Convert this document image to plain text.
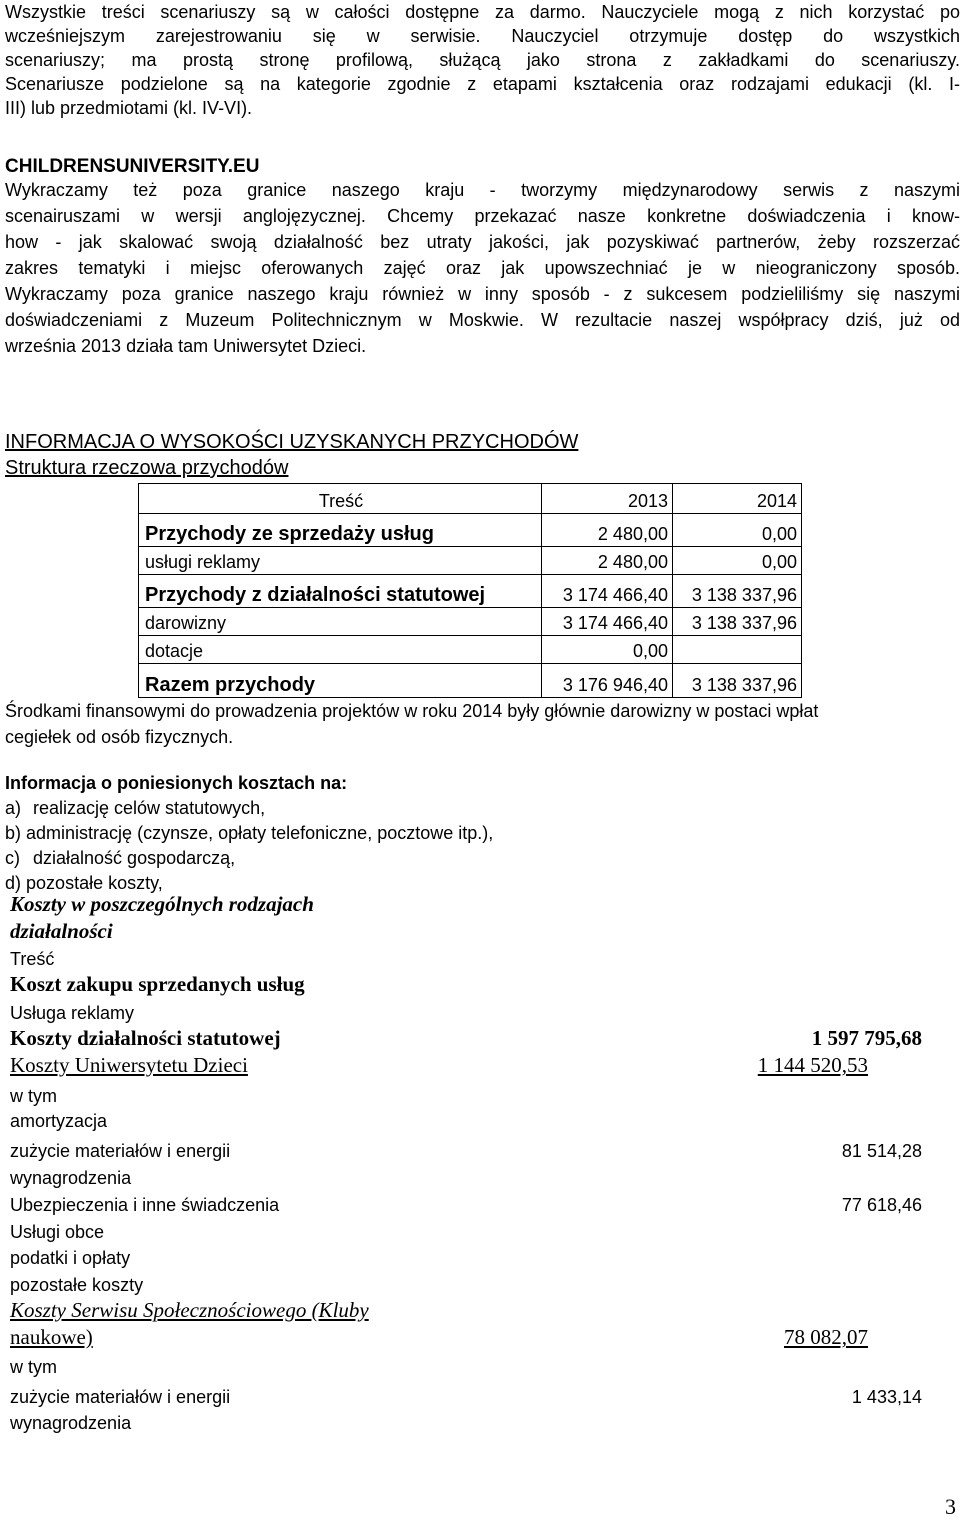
Wszystkie treści scenariuszy są w całości dostępne za darmo. Nauczyciele mogą z nich korzystać po

wcześniejszym zarejestrowaniu się w serwisie. Nauczyciel otrzymuje dostęp do wszystkich

scenariuszy; ma prostą stronę profilową, służącą jako strona z zakładkami do scenariuszy.

Scenariusze podzielone są na kategorie zgodnie z etapami kształcenia oraz rodzajami edukacji (kl. I-

III) lub przedmiotami (kl. IV-VI).

CHILDRENSUNIVERSITY.EU

Wykraczamy też poza granice naszego kraju - tworzymy międzynarodowy serwis z naszymi

scenairuszami w wersji anglojęzycznej. Chcemy przekazać nasze konkretne doświadczenia i know-

how - jak skalować swoją działalność bez utraty jakości, jak pozyskiwać partnerów, żeby rozszerzać

zakres tematyki i miejsc oferowanych zajęć oraz jak upowszechniać je w nieograniczony sposób.

Wykraczamy poza granice naszego kraju również w inny sposób - z sukcesem podzieliliśmy się naszymi

doświadczeniami z Muzeum Politechnicznym w Moskwie. W rezultacie naszej współpracy dziś, już od

września 2013 działa tam Uniwersytet Dzieci.

INFORMACJA O WYSOKOŚCI UZYSKANYCH PRZYCHODÓW
Struktura rzeczowa przychodów
Treść	2013	2014
Przychody ze sprzedaży usług	2 480,00	0,00
usługi reklamy	2 480,00	0,00
Przychody z działalności statutowej	3 174 466,40	3 138 337,96
darowizny	3 174 466,40	3 138 337,96
dotacje	0,00	
Razem przychody	3 176 946,40	3 138 337,96

Środkami finansowymi do prowadzenia projektów w roku 2014 były głównie darowizny w postaci wpłat

cegiełek od osób fizycznych.

Informacja o poniesionych kosztach na:

a) realizację celów statutowych,

b) administrację (czynsze, opłaty telefoniczne, pocztowe itp.),

c) działalność gospodarczą,

d) pozostałe koszty,

Koszty w poszczególnych rodzajach
działalności
Treść
Koszt zakupu sprzedanych usług
Usługa reklamy
Koszty działalności statutowej	1 597 795,68
Koszty Uniwersytetu Dzieci	1 144 520,53
w tym
amortyzacja
zużycie materiałów i energii	81 514,28
wynagrodzenia
Ubezpieczenia i inne świadczenia	77 618,46
Usługi obce
podatki i opłaty
pozostałe koszty
Koszty Serwisu Społecznościowego (Kluby
naukowe)	78 082,07
w tym
zużycie materiałów i energii	1 433,14
wynagrodzenia
3
